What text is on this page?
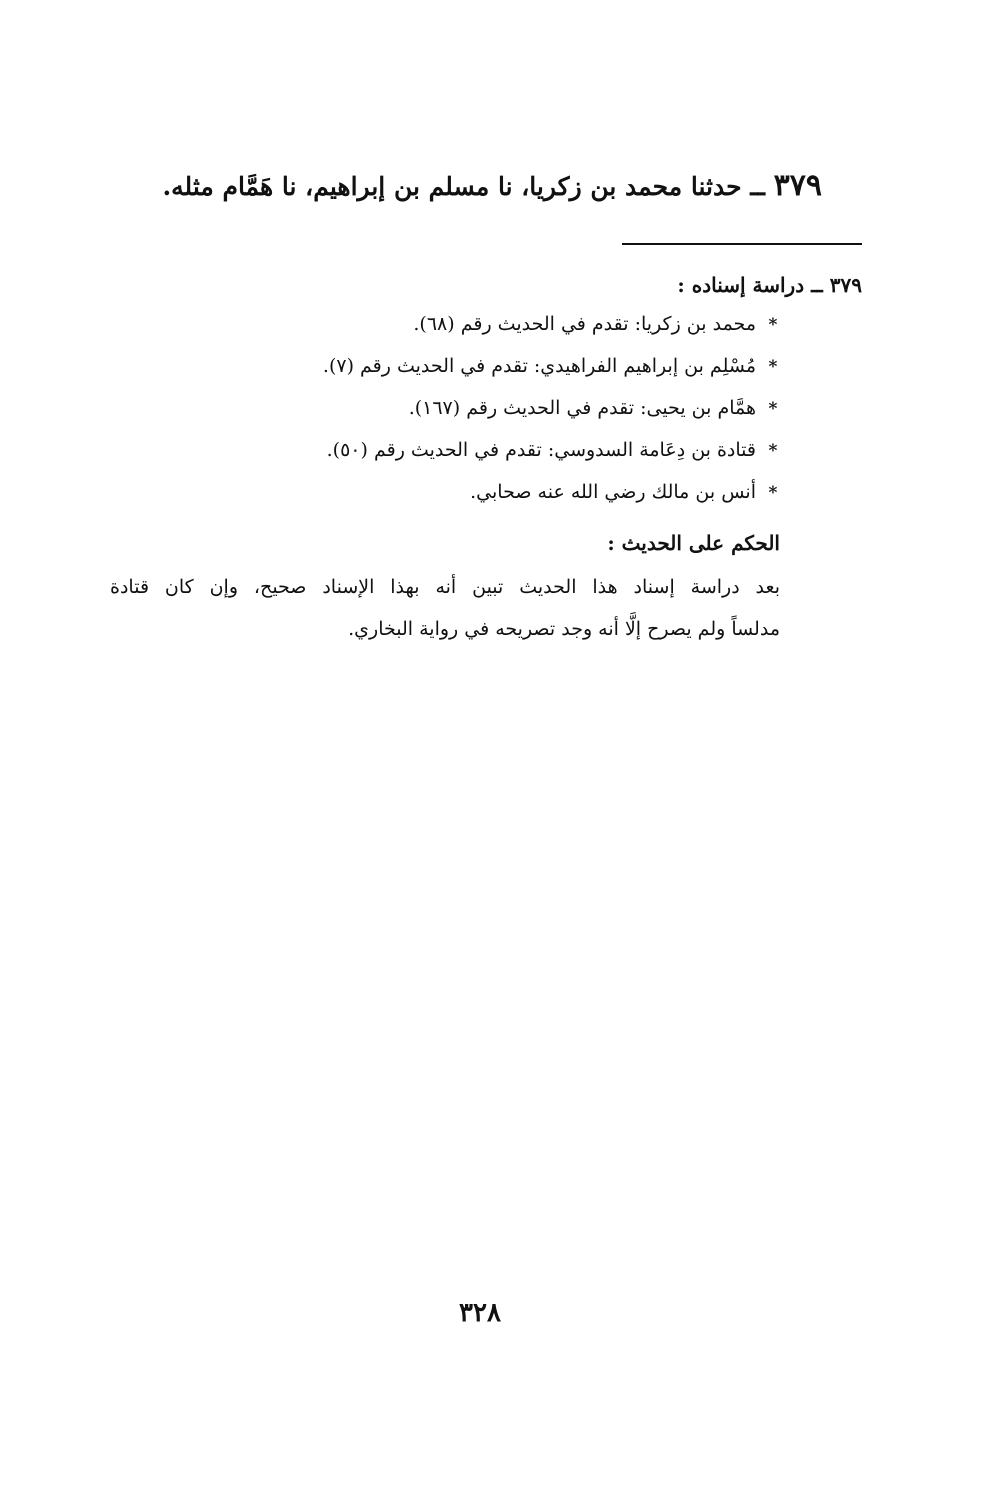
٣٧٩ ــ حدثنا محمد بن زكريا، نا مسلم بن إبراهيم، نا هَمَّام مثله.
٣٧٩ ــ دراسة إسناده :
*محمد بن زكريا: تقدم في الحديث رقم (٦٨).
*مُسْلِم بن إبراهيم الفراهيدي: تقدم في الحديث رقم (٧).
*همَّام بن يحيى: تقدم في الحديث رقم (١٦٧).
*قتادة بن دِعَامة السدوسي: تقدم في الحديث رقم (٥٠).
*أنس بن مالك رضي الله عنه صحابي.
الحكم على الحديث :
بعد دراسة إسناد هذا الحديث تبين أنه بهذا الإسناد صحيح، وإن كان قتادة
مدلساً ولم يصرح إلَّا أنه وجد تصريحه في رواية البخاري.
٣٢٨
